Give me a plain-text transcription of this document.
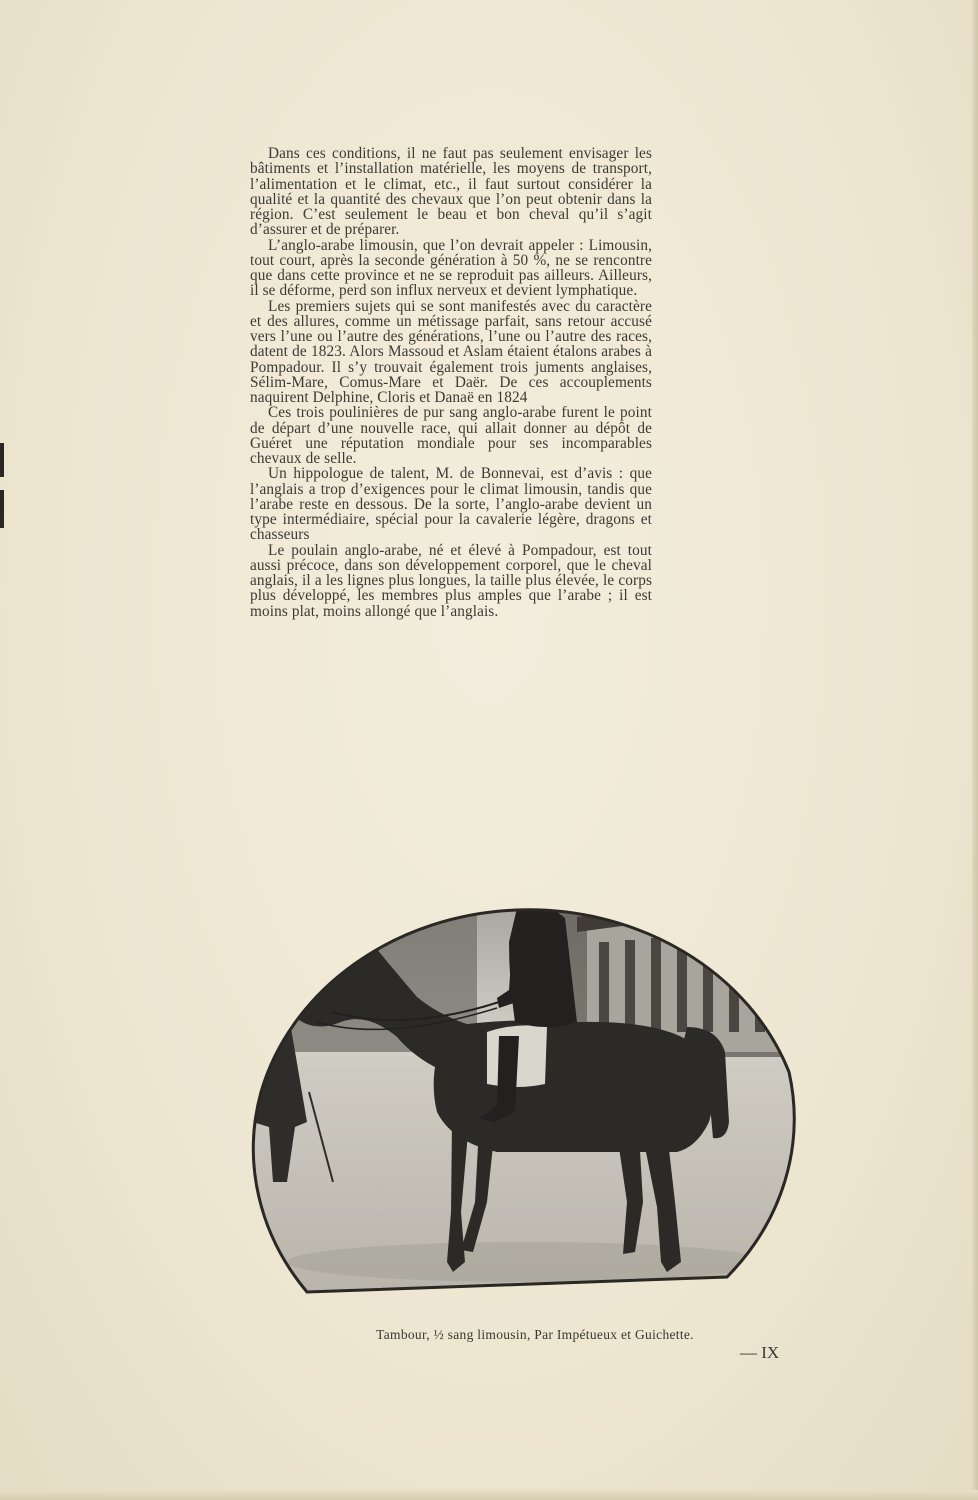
Dans ces conditions, il ne faut pas seulement envisager les bâtiments et l’installation matérielle, les moyens de transport, l’alimentation et le climat, etc., il faut surtout considérer la qualité et la quantité des chevaux que l’on peut obtenir dans la région. C’est seulement le beau et bon cheval qu’il s’agit d’assurer et de préparer.

L’anglo-arabe limousin, que l’on devrait appeler : Limousin, tout court, après la seconde génération à 50 %, ne se rencontre que dans cette province et ne se reproduit pas ailleurs. Ailleurs, il se déforme, perd son influx nerveux et devient lymphatique.

Les premiers sujets qui se sont manifestés avec du caractère et des allures, comme un métissage parfait, sans retour accusé vers l’une ou l’autre des générations, l’une ou l’autre des races, datent de 1823. Alors Massoud et Aslam étaient étalons arabes à Pompadour. Il s’y trouvait également trois juments anglaises, Sélim-Mare, Comus-Mare et Daër. De ces accouplements naquirent Delphine, Cloris et Danaë en 1824

Ces trois poulinières de pur sang anglo-arabe furent le point de départ d’une nouvelle race, qui allait donner au dépôt de Guéret une réputation mondiale pour ses incomparables chevaux de selle.

Un hippologue de talent, M. de Bonnevai, est d’avis : que l’anglais a trop d’exigences pour le climat limousin, tandis que l’arabe reste en dessous. De la sorte, l’anglo-arabe devient un type intermédiaire, spécial pour la cavalerie légère, dragons et chasseurs

Le poulain anglo-arabe, né et élevé à Pompadour, est tout aussi précoce, dans son développement corporel, que le cheval anglais, il a les lignes plus longues, la taille plus élevée, le corps plus développé, les membres plus amples que l’arabe ; il est moins plat, moins allongé que l’anglais.

Tambour, ½ sang limousin, Par Impétueux et Guichette.
— IX
